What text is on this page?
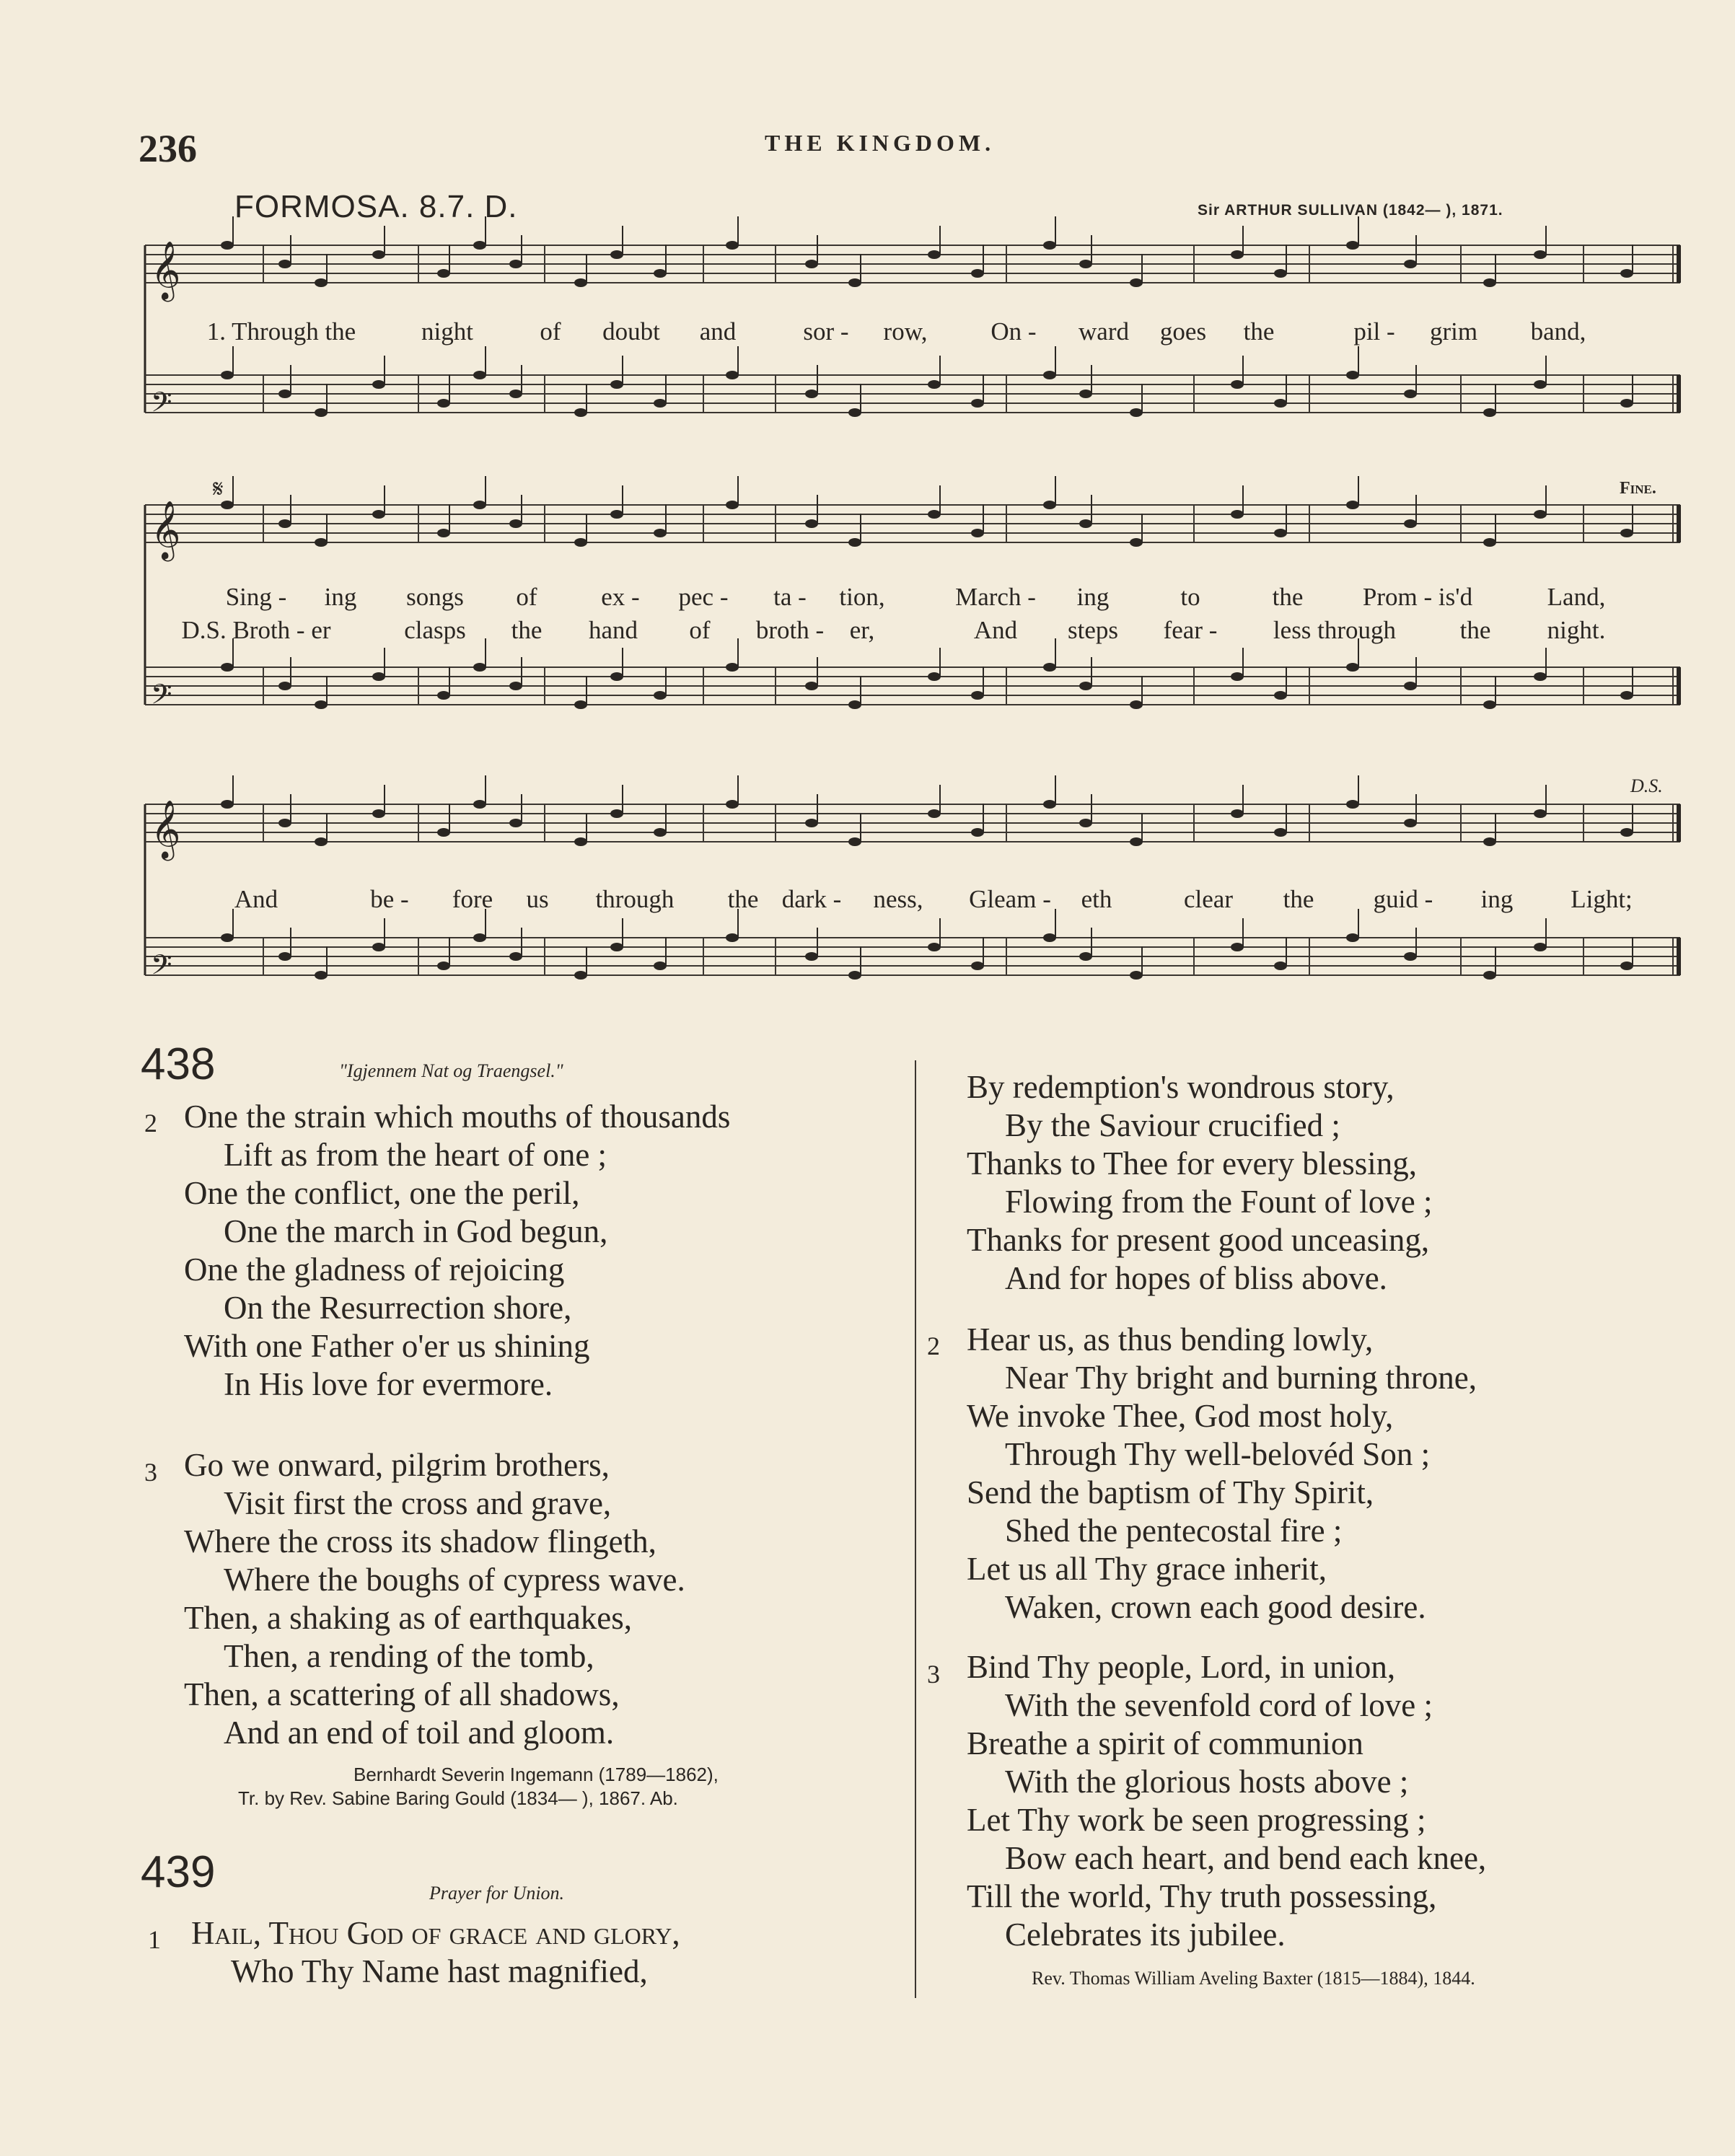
236	THE KINGDOM.
FORMOSA. 8.7. D.	Sir ARTHUR SULLIVAN (1842— ), 1871.
𝄞
𝄢
1. Through the	night	of doubt and	sor - row,	On - ward goes the	pil - grim band,
𝄞
𝄢
𝄋	Fine.
Sing - ing songs of	ex - pec - ta - tion,	March - ing	to	the Prom - is'd	Land,
D.S. Broth - er	clasps the hand of broth - er,	And steps fear - less through	the night.
𝄞
𝄢
D.S.
And	be - fore us through the dark - ness, Gleam - eth	clear the guid - ing Light;
438	"Igjennem Nat og Traengsel."
2 One the strain which mouths of thousands
Lift as from the heart of one ;
One the conflict, one the peril,
One the march in God begun,
One the gladness of rejoicing
On the Resurrection shore,
With one Father o'er us shining
In His love for evermore.
3 Go we onward, pilgrim brothers,
Visit first the cross and grave,
Where the cross its shadow flingeth,
Where the boughs of cypress wave.
Then, a shaking as of earthquakes,
Then, a rending of the tomb,
Then, a scattering of all shadows,
And an end of toil and gloom.
Bernhardt Severin Ingemann (1789—1862),
Tr. by Rev. Sabine Baring Gould (1834— ), 1867. Ab.
439	Prayer for Union.
1 Hail, Thou God of grace and glory,
Who Thy Name hast magnified,
By redemption's wondrous story,
By the Saviour crucified ;
Thanks to Thee for every blessing,
Flowing from the Fount of love ;
Thanks for present good unceasing,
And for hopes of bliss above.
2 Hear us, as thus bending lowly,
Near Thy bright and burning throne,
We invoke Thee, God most holy,
Through Thy well-belovéd Son ;
Send the baptism of Thy Spirit,
Shed the pentecostal fire ;
Let us all Thy grace inherit,
Waken, crown each good desire.
3 Bind Thy people, Lord, in union,
With the sevenfold cord of love ;
Breathe a spirit of communion
With the glorious hosts above ;
Let Thy work be seen progressing ;
Bow each heart, and bend each knee,
Till the world, Thy truth possessing,
Celebrates its jubilee.
Rev. Thomas William Aveling Baxter (1815—1884), 1844.
